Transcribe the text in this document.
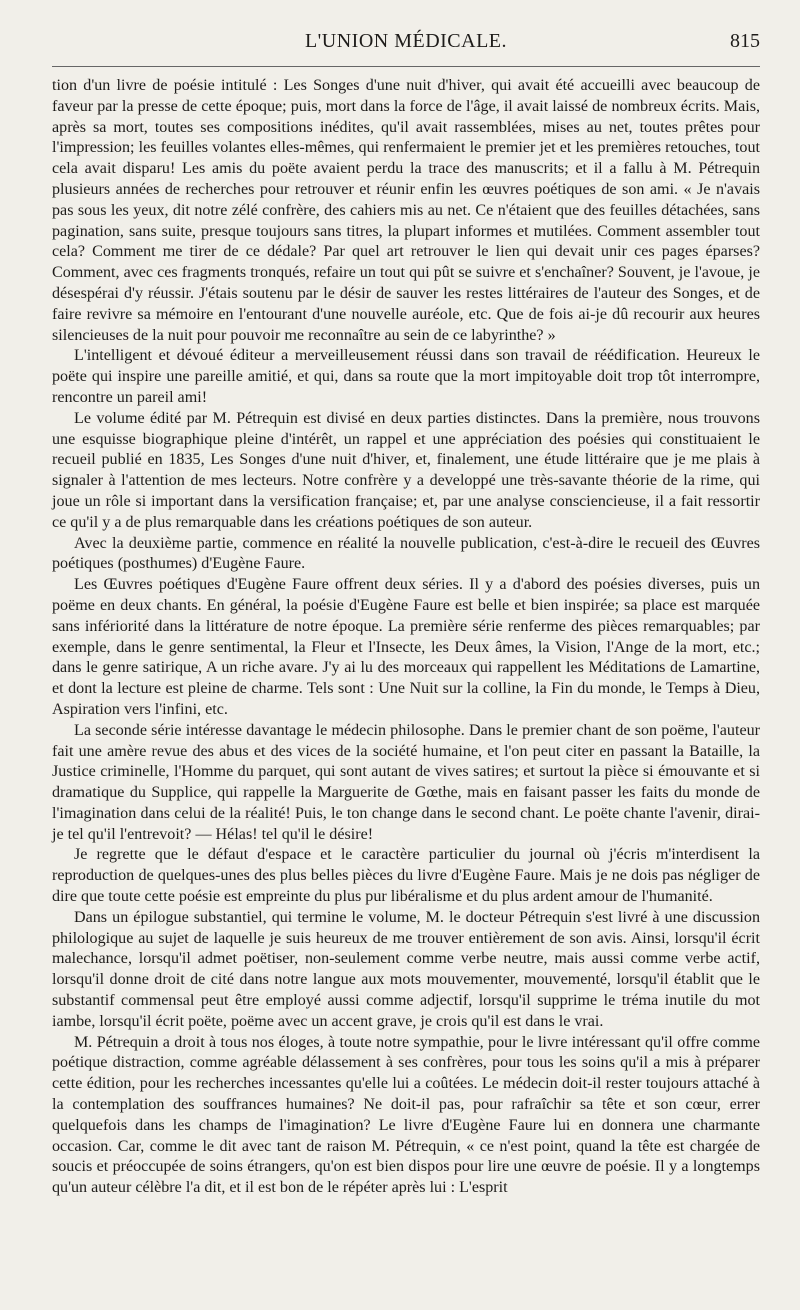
L'UNION MÉDICALE.	815

tion d'un livre de poésie intitulé : Les Songes d'une nuit d'hiver, qui avait été accueilli avec beaucoup de faveur par la presse de cette époque; puis, mort dans la force de l'âge, il avait laissé de nombreux écrits. Mais, après sa mort, toutes ses compositions inédites, qu'il avait rassemblées, mises au net, toutes prêtes pour l'impression; les feuilles volantes elles-mêmes, qui renfermaient le premier jet et les premières retouches, tout cela avait disparu! Les amis du poëte avaient perdu la trace des manuscrits; et il a fallu à M. Pétrequin plusieurs années de recherches pour retrouver et réunir enfin les œuvres poétiques de son ami. « Je n'avais pas sous les yeux, dit notre zélé confrère, des cahiers mis au net. Ce n'étaient que des feuilles détachées, sans pagination, sans suite, presque toujours sans titres, la plupart informes et mutilées. Comment assembler tout cela? Comment me tirer de ce dédale? Par quel art retrouver le lien qui devait unir ces pages éparses? Comment, avec ces fragments tronqués, refaire un tout qui pût se suivre et s'enchaîner? Souvent, je l'avoue, je désespérai d'y réussir. J'étais soutenu par le désir de sauver les restes littéraires de l'auteur des Songes, et de faire revivre sa mémoire en l'entourant d'une nouvelle auréole, etc. Que de fois ai-je dû recourir aux heures silencieuses de la nuit pour pouvoir me reconnaître au sein de ce labyrinthe? »

L'intelligent et dévoué éditeur a merveilleusement réussi dans son travail de réédification. Heureux le poëte qui inspire une pareille amitié, et qui, dans sa route que la mort impitoyable doit trop tôt interrompre, rencontre un pareil ami!

Le volume édité par M. Pétrequin est divisé en deux parties distinctes. Dans la première, nous trouvons une esquisse biographique pleine d'intérêt, un rappel et une appréciation des poésies qui constituaient le recueil publié en 1835, Les Songes d'une nuit d'hiver, et, finalement, une étude littéraire que je me plais à signaler à l'attention de mes lecteurs. Notre confrère y a developpé une très-savante théorie de la rime, qui joue un rôle si important dans la versification française; et, par une analyse consciencieuse, il a fait ressortir ce qu'il y a de plus remarquable dans les créations poétiques de son auteur.

Avec la deuxième partie, commence en réalité la nouvelle publication, c'est-à-dire le recueil des Œuvres poétiques (posthumes) d'Eugène Faure.

Les Œuvres poétiques d'Eugène Faure offrent deux séries. Il y a d'abord des poésies diverses, puis un poëme en deux chants. En général, la poésie d'Eugène Faure est belle et bien inspirée; sa place est marquée sans infériorité dans la littérature de notre époque. La première série renferme des pièces remarquables; par exemple, dans le genre sentimental, la Fleur et l'Insecte, les Deux âmes, la Vision, l'Ange de la mort, etc.; dans le genre satirique, A un riche avare. J'y ai lu des morceaux qui rappellent les Méditations de Lamartine, et dont la lecture est pleine de charme. Tels sont : Une Nuit sur la colline, la Fin du monde, le Temps à Dieu, Aspiration vers l'infini, etc.

La seconde série intéresse davantage le médecin philosophe. Dans le premier chant de son poëme, l'auteur fait une amère revue des abus et des vices de la société humaine, et l'on peut citer en passant la Bataille, la Justice criminelle, l'Homme du parquet, qui sont autant de vives satires; et surtout la pièce si émouvante et si dramatique du Supplice, qui rappelle la Marguerite de Gœthe, mais en faisant passer les faits du monde de l'imagination dans celui de la réalité! Puis, le ton change dans le second chant. Le poëte chante l'avenir, dirai-je tel qu'il l'entrevoit? — Hélas! tel qu'il le désire!

Je regrette que le défaut d'espace et le caractère particulier du journal où j'écris m'interdisent la reproduction de quelques-unes des plus belles pièces du livre d'Eugène Faure. Mais je ne dois pas négliger de dire que toute cette poésie est empreinte du plus pur libéralisme et du plus ardent amour de l'humanité.

Dans un épilogue substantiel, qui termine le volume, M. le docteur Pétrequin s'est livré à une discussion philologique au sujet de laquelle je suis heureux de me trouver entièrement de son avis. Ainsi, lorsqu'il écrit malechance, lorsqu'il admet poëtiser, non-seulement comme verbe neutre, mais aussi comme verbe actif, lorsqu'il donne droit de cité dans notre langue aux mots mouvementer, mouvementé, lorsqu'il établit que le substantif commensal peut être employé aussi comme adjectif, lorsqu'il supprime le tréma inutile du mot iambe, lorsqu'il écrit poëte, poëme avec un accent grave, je crois qu'il est dans le vrai.

M. Pétrequin a droit à tous nos éloges, à toute notre sympathie, pour le livre intéressant qu'il offre comme poétique distraction, comme agréable délassement à ses confrères, pour tous les soins qu'il a mis à préparer cette édition, pour les recherches incessantes qu'elle lui a coûtées. Le médecin doit-il rester toujours attaché à la contemplation des souffrances humaines? Ne doit-il pas, pour rafraîchir sa tête et son cœur, errer quelquefois dans les champs de l'imagination? Le livre d'Eugène Faure lui en donnera une charmante occasion. Car, comme le dit avec tant de raison M. Pétrequin, « ce n'est point, quand la tête est chargée de soucis et préoccupée de soins étrangers, qu'on est bien dispos pour lire une œuvre de poésie. Il y a longtemps qu'un auteur célèbre l'a dit, et il est bon de le répéter après lui : L'esprit
